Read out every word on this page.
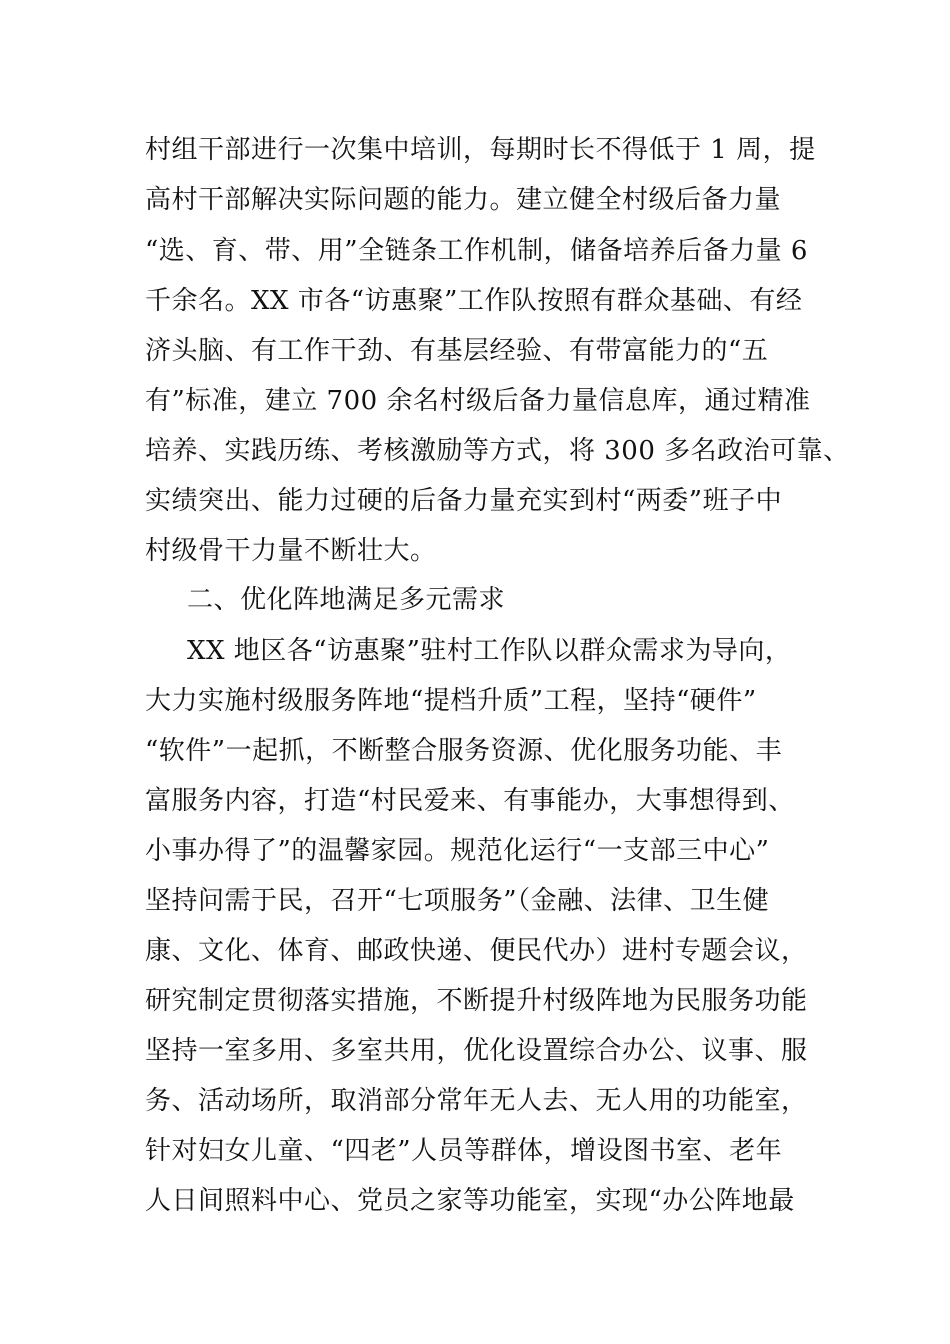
村组干部进行一次集中培训，每期时长不得低于 1 周，提
高村干部解决实际问题的能力。建立健全村级后备力量
“选、育、带、用”全链条工作机制，储备培养后备力量 6
千余名。XX 市各“访惠聚”工作队按照有群众基础、有经
济头脑、有工作干劲、有基层经验、有带富能力的“五
有”标准，建立 700 余名村级后备力量信息库，通过精准
培养、实践历练、考核激励等方式，将 300 多名政治可靠、
实绩突出、能力过硬的后备力量充实到村“两委”班子中
村级骨干力量不断壮大。
二、优化阵地满足多元需求
XX 地区各“访惠聚”驻村工作队以群众需求为导向，
大力实施村级服务阵地“提档升质”工程，坚持“硬件”
“软件”一起抓，不断整合服务资源、优化服务功能、丰
富服务内容，打造“村民爱来、有事能办，大事想得到、
小事办得了”的温馨家园。规范化运行“一支部三中心”
坚持问需于民，召开“七项服务”（金融、法律、卫生健
康、文化、体育、邮政快递、便民代办）进村专题会议，
研究制定贯彻落实措施，不断提升村级阵地为民服务功能
坚持一室多用、多室共用，优化设置综合办公、议事、服
务、活动场所，取消部分常年无人去、无人用的功能室，
针对妇女儿童、“四老”人员等群体，增设图书室、老年
人日间照料中心、党员之家等功能室，实现“办公阵地最
